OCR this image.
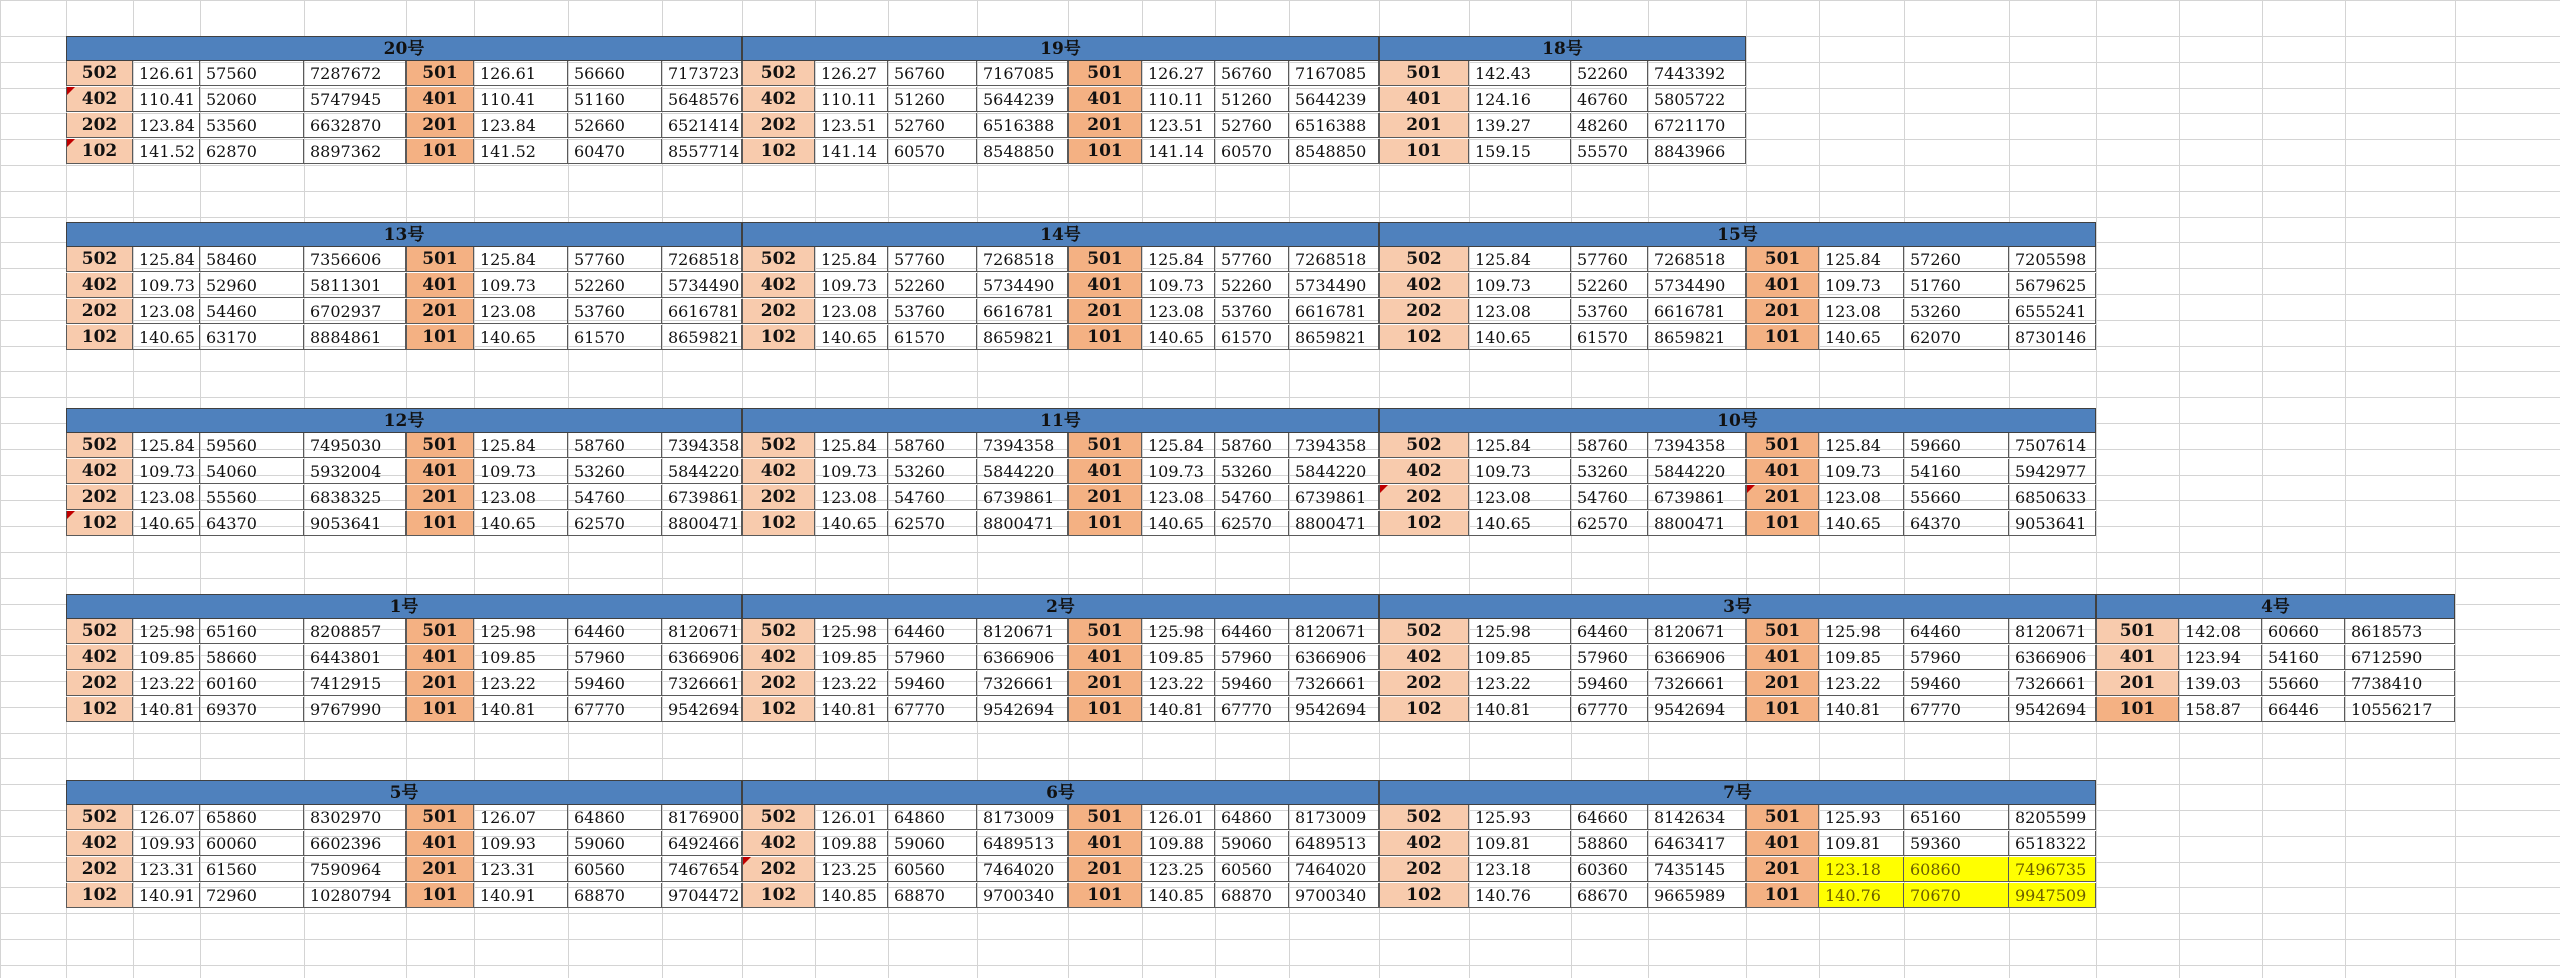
20号
502	126.61 57560	7287672
402	110.41 52060	5747945
202	123.84 53560	6632870
102	141.52 62870	8897362
501	126.61	56660	7173723
401	110.41	51160	5648576
201	123.84	52660	6521414
101	141.52	60470	8557714
19号
502	126.27	56760	7167085
402	110.11	51260	5644239
202	123.51	52760	6516388
102	141.14	60570	8548850
501	126.27	56760	7167085
401	110.11	51260	5644239
201	123.51	52760	6516388
101	141.14	60570	8548850
18号
501	142.43	52260	7443392
401	124.16	46760	5805722
201	139.27	48260	6721170
101	159.15	55570	8843966
13号
502	125.84 58460	7356606
402	109.73 52960	5811301
202	123.08 54460	6702937
102	140.65 63170	8884861
501	125.84	57760	7268518
401	109.73	52260	5734490
201	123.08	53760	6616781
101	140.65	61570	8659821
14号
502	125.84	57760	7268518
402	109.73	52260	5734490
202	123.08	53760	6616781
102	140.65	61570	8659821
501	125.84	57760	7268518
401	109.73	52260	5734490
201	123.08	53760	6616781
101	140.65	61570	8659821
15号
502	125.84	57760	7268518
402	109.73	52260	5734490
202	123.08	53760	6616781
102	140.65	61570	8659821
501	125.84	57260	7205598
401	109.73	51760	5679625
201	123.08	53260	6555241
101	140.65	62070	8730146
12号
502	125.84 59560	7495030
402	109.73 54060	5932004
202	123.08 55560	6838325
102	140.65 64370	9053641
501	125.84	58760	7394358
401	109.73	53260	5844220
201	123.08	54760	6739861
101	140.65	62570	8800471
11号
502	125.84	58760	7394358
402	109.73	53260	5844220
202	123.08	54760	6739861
102	140.65	62570	8800471
501	125.84	58760	7394358
401	109.73	53260	5844220
201	123.08	54760	6739861
101	140.65	62570	8800471
10号
502	125.84	58760	7394358
402	109.73	53260	5844220
202	123.08	54760	6739861
102	140.65	62570	8800471
501	125.84	59660	7507614
401	109.73	54160	5942977
201	123.08	55660	6850633
101	140.65	64370	9053641
1号
502	125.98 65160	8208857
402	109.85 58660	6443801
202	123.22 60160	7412915
102	140.81 69370	9767990
501	125.98	64460	8120671
401	109.85	57960	6366906
201	123.22	59460	7326661
101	140.81	67770	9542694
2号
502	125.98	64460	8120671
402	109.85	57960	6366906
202	123.22	59460	7326661
102	140.81	67770	9542694
501	125.98	64460	8120671
401	109.85	57960	6366906
201	123.22	59460	7326661
101	140.81	67770	9542694
3号
502	125.98	64460	8120671
402	109.85	57960	6366906
202	123.22	59460	7326661
102	140.81	67770	9542694
501	125.98	64460	8120671
401	109.85	57960	6366906
201	123.22	59460	7326661
101	140.81	67770	9542694
4号
501	142.08	60660	8618573
401	123.94	54160	6712590
201	139.03	55660	7738410
101	158.87	66446	10556217
5号
502	126.07 65860	8302970
402	109.93 60060	6602396
202	123.31 61560	7590964
102	140.91 72960	10280794
501	126.07	64860	8176900
401	109.93	59060	6492466
201	123.31	60560	7467654
101	140.91	68870	9704472
6号
502	126.01	64860	8173009
402	109.88	59060	6489513
202	123.25	60560	7464020
102	140.85	68870	9700340
501	126.01	64860	8173009
401	109.88	59060	6489513
201	123.25	60560	7464020
101	140.85	68870	9700340
7号
502	125.93	64660	8142634
402	109.81	58860	6463417
202	123.18	60360	7435145
102	140.76	68670	9665989
501	125.93	65160	8205599
401	109.81	59360	6518322
201	123.18	60860	7496735
101	140.76	70670	9947509
